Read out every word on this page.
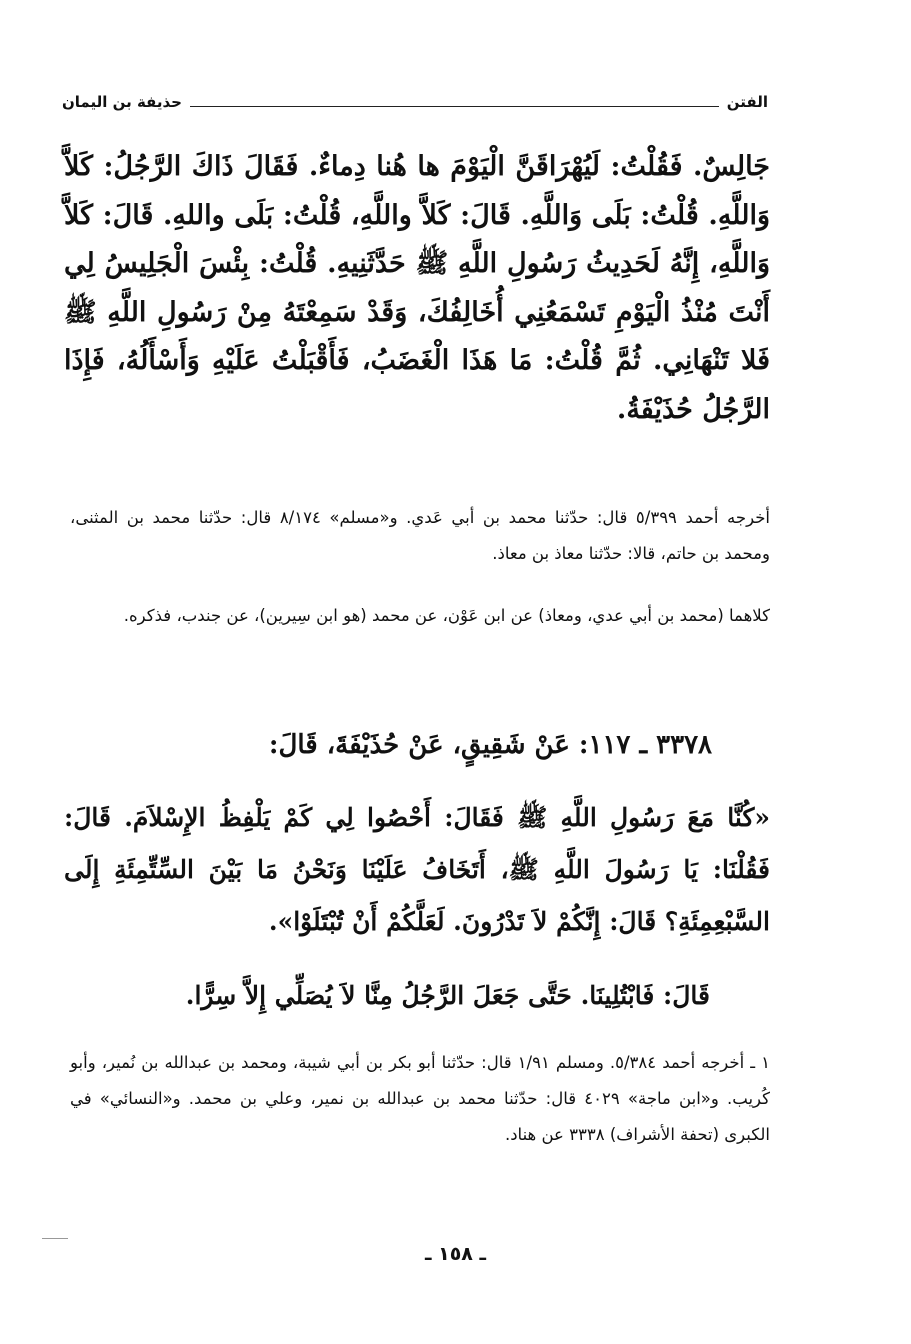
الفتن
حذيفة بن اليمان

جَالِسٌ. فَقُلْتُ: لَيُهْرَاقَنَّ الْيَوْمَ ها هُنا دِماءٌ. فَقَالَ ذَاكَ الرَّجُلُ: كَلاَّ وَاللَّهِ. قُلْتُ: بَلَى وَاللَّهِ. قَالَ: كَلاَّ واللَّهِ، قُلْتُ: بَلَى واللهِ. قَالَ: كَلاَّ وَاللَّهِ، إِنَّهُ لَحَدِيثُ رَسُولِ اللَّهِ ﷺ حَدَّثَنِيهِ. قُلْتُ: بِئْسَ الْجَلِيسُ لِي أَنْتَ مُنْذُ الْيَوْمِ تَسْمَعُنِي أُخَالِفُكَ، وَقَدْ سَمِعْتَهُ مِنْ رَسُولِ اللَّهِ ﷺ فَلا تَنْهَانِي. ثُمَّ قُلْتُ: مَا هَذَا الْغَضَبُ، فَأَقْبَلْتُ عَلَيْهِ وَأَسْأَلُهُ، فَإِذَا الرَّجُلُ حُذَيْفَةُ.

أخرجه أحمد ٥/٣٩٩ قال: حدّثنا محمد بن أبي عَدي. و«مسلم» ٨/١٧٤ قال: حدّثنا محمد بن المثنى، ومحمد بن حاتم، قالا: حدّثنا معاذ بن معاذ.

كلاهما (محمد بن أبي عدي، ومعاذ) عن ابن عَوْن، عن محمد (هو ابن سِيرين)، عن جندب، فذكره.

٣٣٧٨ ـ ١١٧: عَنْ شَقِيقٍ، عَنْ حُذَيْفَةَ، قَالَ:

«كُنَّا مَعَ رَسُولِ اللَّهِ ﷺ فَقَالَ: أَحْصُوا لِي كَمْ يَلْفِظُ الإِسْلاَمَ. قَالَ: فَقُلْنَا: يَا رَسُولَ اللَّهِ ﷺ، أَتَخَافُ عَلَيْنَا وَنَحْنُ مَا بَيْنَ السِّتِّمِئَةِ إِلَى السَّبْعِمِئَةِ؟ قَالَ: إِنَّكُمْ لاَ تَدْرُونَ. لَعَلَّكُمْ أَنْ تُبْتَلَوْا».

قَالَ: فَابْتُلِينَا. حَتَّى جَعَلَ الرَّجُلُ مِنَّا لاَ يُصَلِّي إِلاَّ سِرًّا.

١ ـ أخرجه أحمد ٥/٣٨٤. ومسلم ١/٩١ قال: حدّثنا أبو بكر بن أبي شيبة، ومحمد بن عبدالله بن نُمير، وأبو كُريب. و«ابن ماجة» ٤٠٢٩ قال: حدّثنا محمد بن عبدالله بن نمير، وعلي بن محمد. و«النسائي» في الكبرى (تحفة الأشراف) ٣٣٣٨ عن هناد.

ـ ١٥٨ ـ
